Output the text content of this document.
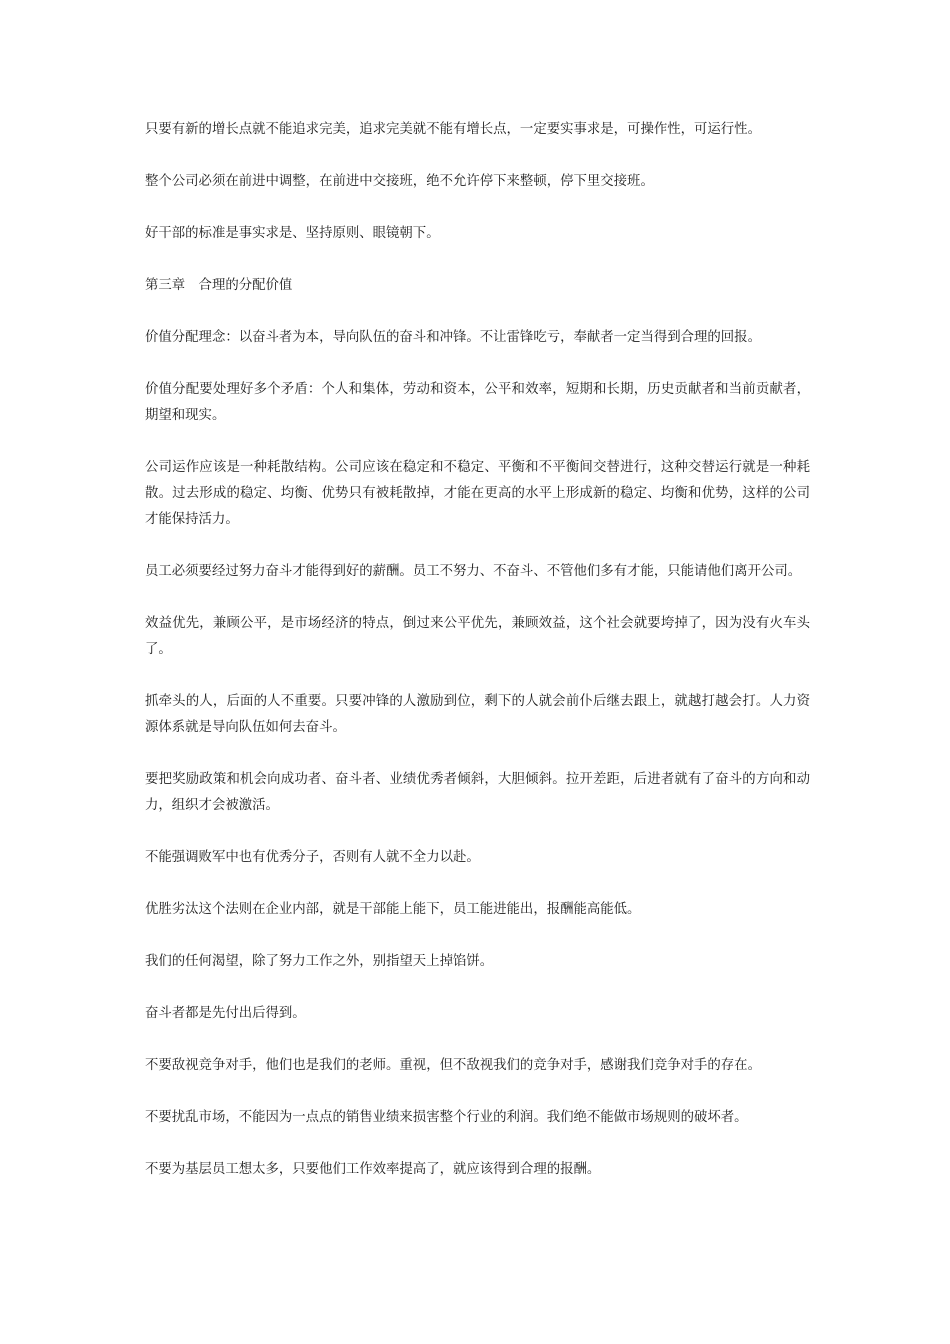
只要有新的增长点就不能追求完美，追求完美就不能有增长点，一定要实事求是，可操作性，可运行性。

整个公司必须在前进中调整，在前进中交接班，绝不允许停下来整顿，停下里交接班。

好干部的标准是事实求是、坚持原则、眼镜朝下。

第三章　合理的分配价值

价值分配理念：以奋斗者为本，导向队伍的奋斗和冲锋。不让雷锋吃亏，奉献者一定当得到合理的回报。

价值分配要处理好多个矛盾：个人和集体，劳动和资本，公平和效率，短期和长期，历史贡献者和当前贡献者，期望和现实。

公司运作应该是一种耗散结构。公司应该在稳定和不稳定、平衡和不平衡间交替进行，这种交替运行就是一种耗散。过去形成的稳定、均衡、优势只有被耗散掉，才能在更高的水平上形成新的稳定、均衡和优势，这样的公司才能保持活力。

员工必须要经过努力奋斗才能得到好的薪酬。员工不努力、不奋斗、不管他们多有才能，只能请他们离开公司。

效益优先，兼顾公平，是市场经济的特点，倒过来公平优先，兼顾效益，这个社会就要垮掉了，因为没有火车头了。

抓牵头的人，后面的人不重要。只要冲锋的人激励到位，剩下的人就会前仆后继去跟上，就越打越会打。人力资源体系就是导向队伍如何去奋斗。

要把奖励政策和机会向成功者、奋斗者、业绩优秀者倾斜，大胆倾斜。拉开差距，后进者就有了奋斗的方向和动力，组织才会被激活。

不能强调败军中也有优秀分子，否则有人就不全力以赴。

优胜劣汰这个法则在企业内部，就是干部能上能下，员工能进能出，报酬能高能低。

我们的任何渴望，除了努力工作之外，别指望天上掉馅饼。

奋斗者都是先付出后得到。

不要敌视竞争对手，他们也是我们的老师。重视，但不敌视我们的竞争对手，感谢我们竞争对手的存在。

不要扰乱市场，不能因为一点点的销售业绩来损害整个行业的利润。我们绝不能做市场规则的破坏者。

不要为基层员工想太多，只要他们工作效率提高了，就应该得到合理的报酬。
